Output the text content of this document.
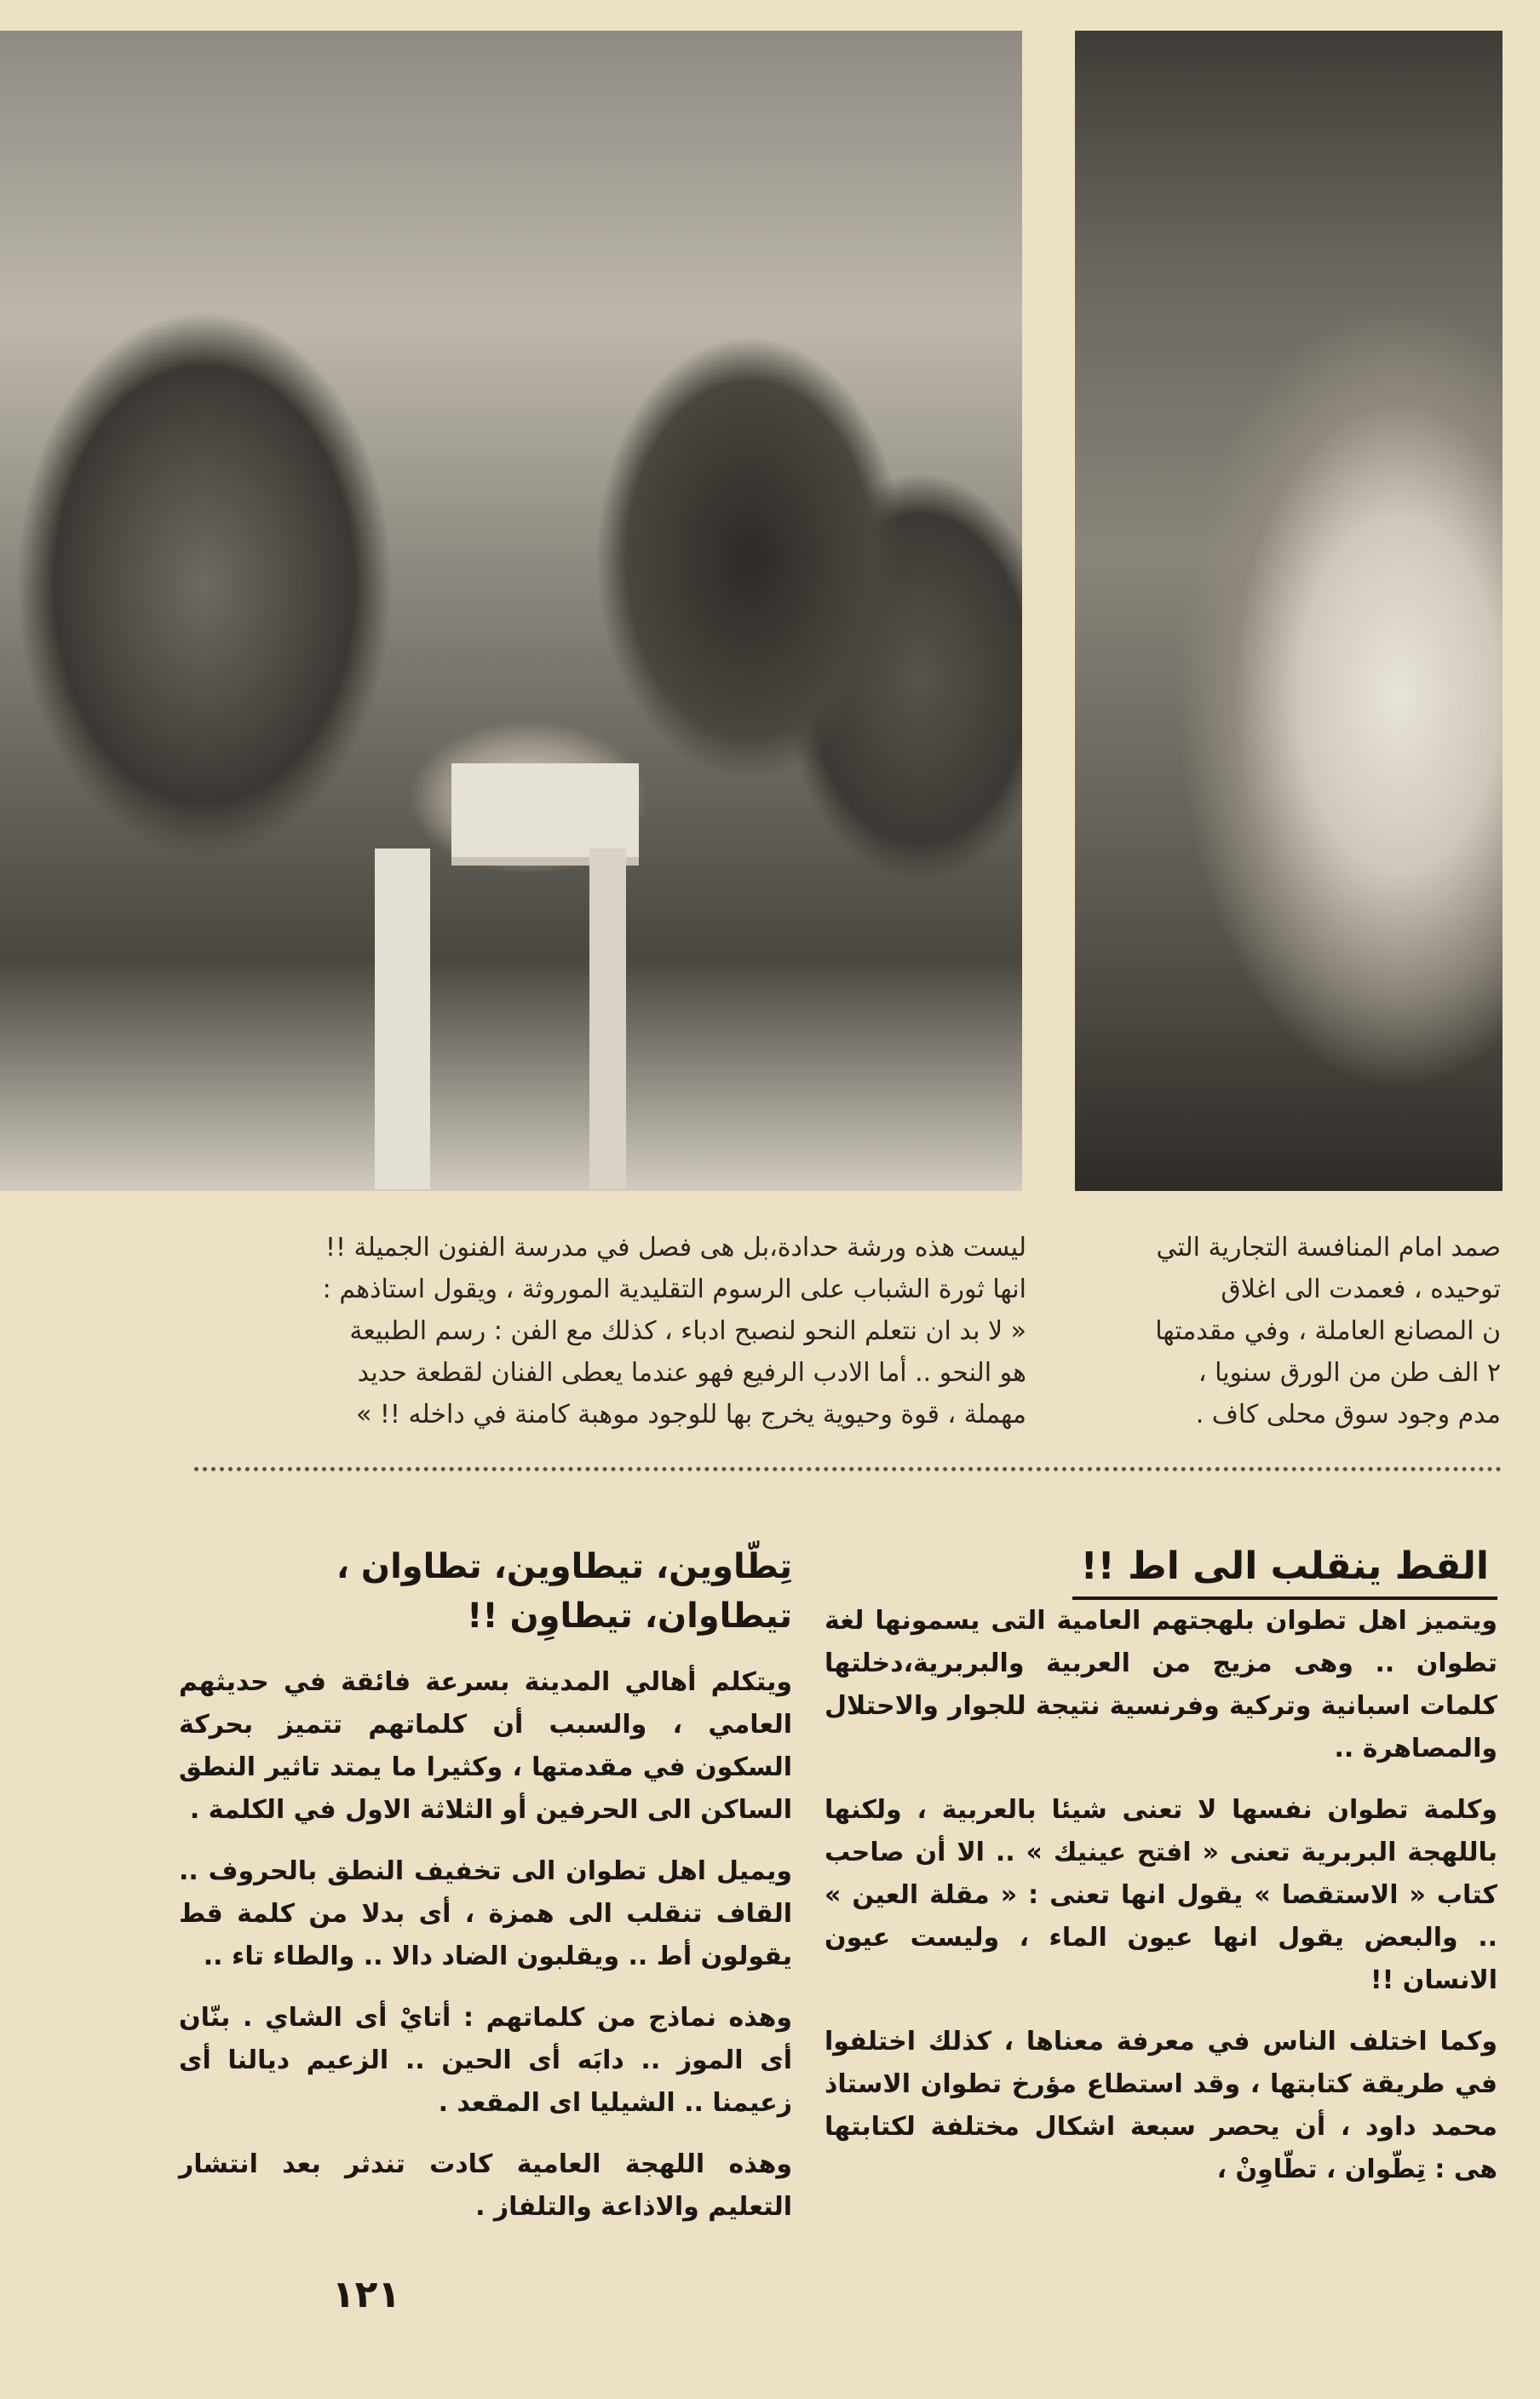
ليست هذه ورشة حدادة،بل هى فصل في مدرسة الفنون الجميلة !!
انها ثورة الشباب على الرسوم التقليدية الموروثة ، ويقول استاذهم :
« لا بد ان نتعلم النحو لنصبح ادباء ، كذلك مع الفن : رسم الطبيعة
هو النحو .. أما الادب الرفيع فهو عندما يعطى الفنان لقطعة حديد
مهملة ، قوة وحيوية يخرج بها للوجود موهبة كامنة في داخله !! »
صمد امام المنافسة التجارية التي
توحيده ، فعمدت الى اغلاق
ن المصانع العاملة ، وفي مقدمتها
٢ الف طن من الورق سنويا ،
مدم وجود سوق محلى كاف .
القط ينقلب الى اط !!

ويتميز اهل تطوان بلهجتهم العامية التى يسمونها لغة تطوان .. وهى مزيج من العربية والبربرية،دخلتها كلمات اسبانية وتركية وفرنسية نتيجة للجوار والاحتلال والمصاهرة ..

وكلمة تطوان نفسها لا تعنى شيئا بالعربية ، ولكنها باللهجة البربرية تعنى « افتح عينيك » .. الا أن صاحب كتاب « الاستقصا » يقول انها تعنى : « مقلة العين » .. والبعض يقول انها عيون الماء ، وليست عيون الانسان !!

وكما اختلف الناس في معرفة معناها ، كذلك اختلفوا في طريقة كتابتها ، وقد استطاع مؤرخ تطوان الاستاذ محمد داود ، أن يحصر سبعة اشكال مختلفة لكتابتها هى : تِطّوان ، تطّاوِنْ ،

تِطّاوين، تيطاوين، تطاوان ، تيطاوان، تيطاوِن !!

ويتكلم أهالي المدينة بسرعة فائقة في حديثهم العامي ، والسبب أن كلماتهم تتميز بحركة السكون في مقدمتها ، وكثيرا ما يمتد تاثير النطق الساكن الى الحرفين أو الثلاثة الاول في الكلمة .

ويميل اهل تطوان الى تخفيف النطق بالحروف .. القاف تنقلب الى همزة ، أى بدلا من كلمة قط يقولون أط .. ويقلبون الضاد دالا .. والطاء تاء ..

وهذه نماذج من كلماتهم : أتايْ أى الشاي . بنّان أى الموز .. دابَه أى الحين .. الزعيم ديالنا أى زعيمنا .. الشيليا اى المقعد .

وهذه اللهجة العامية كادت تندثر بعد انتشار التعليم والاذاعة والتلفاز .

١٢١
